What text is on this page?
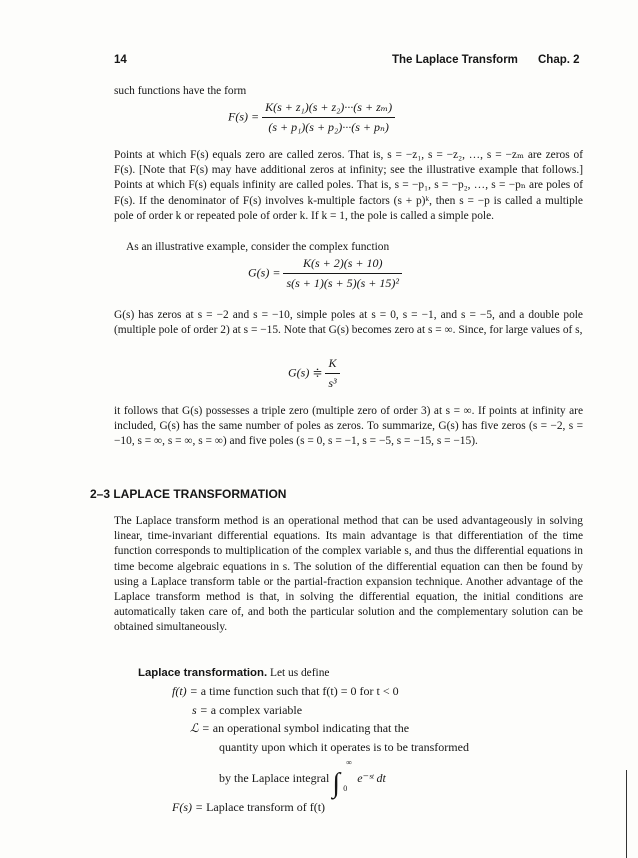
14	The Laplace Transform Chap. 2
such functions have the form
$F(s) = \frac{\text{K(s + z₁)(s + z₂)···(s + zₘ)}}{\text{(s + p₁)(s + p₂)···(s + pₙ)}}$
Points at which F(s) equals zero are called zeros. That is, s = −z₁, s = −z₂, …, s = −zₘ are zeros of F(s). [Note that F(s) may have additional zeros at infinity; see the illustrative example that follows.] Points at which F(s) equals infinity are called poles. That is, s = −p₁, s = −p₂, …, s = −pₙ are poles of F(s). If the denominator of F(s) involves k-multiple factors (s + p)ᵏ, then s = −p is called a multiple pole of order k or repeated pole of order k. If k = 1, the pole is called a simple pole.
As an illustrative example, consider the complex function
$G(s) = \frac{K(s + 2)(s + 10)}{\text{s(s + 1)(s + 5)(s + 15)²}}$
G(s) has zeros at s = −2 and s = −10, simple poles at s = 0, s = −1, and s = −5, and a double pole (multiple pole of order 2) at s = −15. Note that G(s) becomes zero at s = ∞. Since, for large values of s,
G(s) ≑ $\frac{K}{\text{s³}}$
it follows that G(s) possesses a triple zero (multiple zero of order 3) at s = ∞. If points at infinity are included, G(s) has the same number of poles as zeros. To summarize, G(s) has five zeros (s = −2, s = −10, s = ∞, s = ∞, s = ∞) and five poles (s = 0, s = −1, s = −5, s = −15, s = −15).
2–3 LAPLACE TRANSFORMATION
The Laplace transform method is an operational method that can be used advantageously in solving linear, time-invariant differential equations. Its main advantage is that differentiation of the time function corresponds to multiplication of the complex variable s, and thus the differential equations in time become algebraic equations in s. The solution of the differential equation can then be found by using a Laplace transform table or the partial-fraction expansion technique. Another advantage of the Laplace transform method is that, in solving the differential equation, the initial conditions are automatically taken care of, and both the particular solution and the complementary solution can be obtained simultaneously.
Laplace transformation. Let us define
f(t) = a time function such that f(t) = 0 for t < 0
s = a complex variable
ℒ = an operational symbol indicating that the
quantity upon which it operates is to be transformed
by the Laplace integral ∫
∞
0
e⁻ˢᵗ dt
F(s) = Laplace transform of f(t)
